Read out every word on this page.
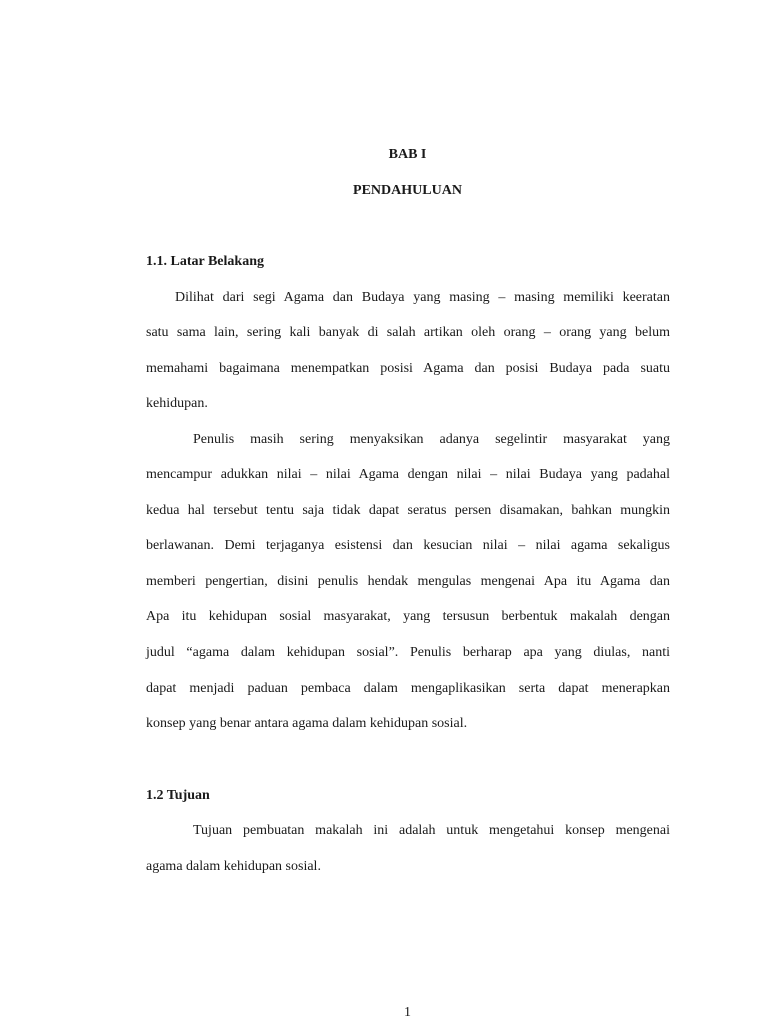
BAB I
PENDAHULUAN
1.1. Latar Belakang
Dilihat dari segi Agama dan Budaya yang masing – masing memiliki keeratan
satu sama lain, sering kali banyak di salah artikan oleh orang – orang yang belum
memahami bagaimana menempatkan posisi Agama dan posisi Budaya pada suatu
kehidupan.
Penulis masih sering menyaksikan adanya segelintir masyarakat yang
mencampur adukkan nilai – nilai Agama dengan nilai – nilai Budaya yang padahal
kedua hal tersebut tentu saja tidak dapat seratus persen disamakan, bahkan mungkin
berlawanan. Demi terjaganya esistensi dan kesucian nilai – nilai agama sekaligus
memberi pengertian, disini penulis hendak mengulas mengenai Apa itu Agama dan
Apa itu kehidupan sosial masyarakat, yang tersusun berbentuk makalah dengan
judul “agama dalam kehidupan sosial”. Penulis berharap apa yang diulas, nanti
dapat menjadi paduan pembaca dalam mengaplikasikan serta dapat menerapkan
konsep yang benar antara agama dalam kehidupan sosial.
1.2 Tujuan
Tujuan pembuatan makalah ini adalah untuk mengetahui konsep mengenai
agama dalam kehidupan sosial.
1
